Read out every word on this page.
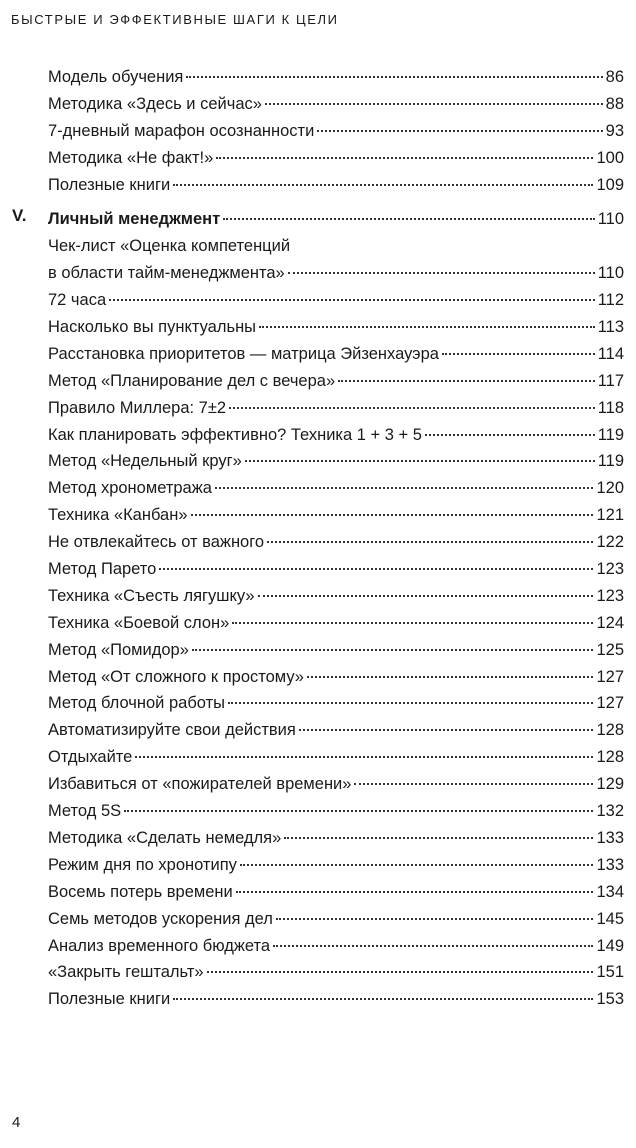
БЫСТРЫЕ И ЭФФЕКТИВНЫЕ ШАГИ К ЦЕЛИ
Модель обучения	86
Методика «Здесь и сейчас»	88
7-дневный марафон осознанности	93
Методика «Не факт!»	100
Полезные книги	109
V. Личный менеджмент	110
Чек-лист «Оценка компетенций
в области тайм-менеджмента»	110
72 часа	112
Насколько вы пунктуальны	113
Расстановка приоритетов — матрица Эйзенхауэра	114
Метод «Планирование дел с вечера»	117
Правило Миллера: 7±2	118
Как планировать эффективно? Техника 1 + 3 + 5	119
Метод «Недельный круг»	119
Метод хронометража	120
Техника «Канбан»	121
Не отвлекайтесь от важного	122
Метод Парето	123
Техника «Съесть лягушку»	123
Техника «Боевой слон»	124
Метод «Помидор»	125
Метод «От сложного к простому»	127
Метод блочной работы	127
Автоматизируйте свои действия	128
Отдыхайте	128
Избавиться от «пожирателей времени»	129
Метод 5S	132
Методика «Сделать немедля»	133
Режим дня по хронотипу	133
Восемь потерь времени	134
Семь методов ускорения дел	145
Анализ временного бюджета	149
«Закрыть гештальт»	151
Полезные книги	153
4
